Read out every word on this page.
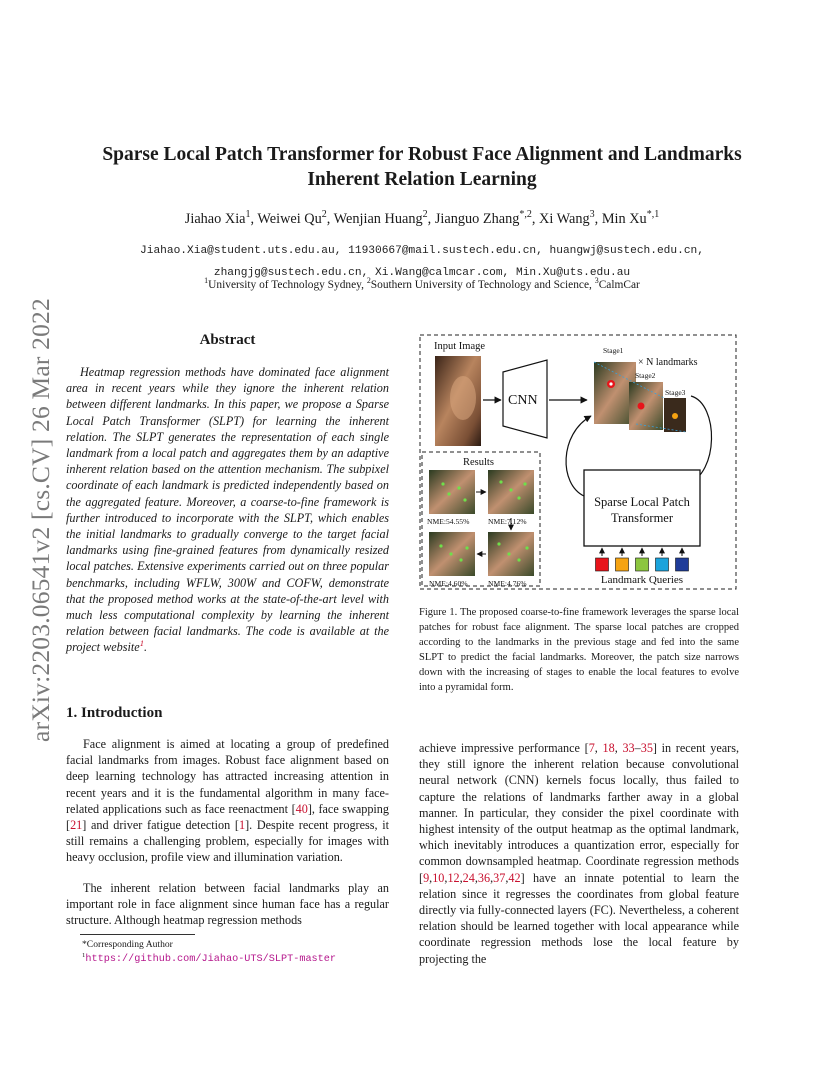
arXiv:2203.06541v2 [cs.CV] 26 Mar 2022
Sparse Local Patch Transformer for Robust Face Alignment and Landmarks
Inherent Relation Learning
Jiahao Xia$^1$, Weiwei Qu$^2$, Wenjian Huang$^2$, Jianguo Zhang$^{*,2}$, Xi Wang$^3$, Min $Xu^{*,1}$
Jiahao.Xia@student.uts.edu.au, 11930667@mail.sustech.edu.cn, huangwj@sustech.edu.cn,
zhangjg@sustech.edu.cn, Xi.Wang@calmcar.com, Min.Xu@uts.edu.au
$^1$University of Technology Sydney, $^2$Southern University of Technology and Science, $^3$CalmCar
Abstract
Heatmap regression methods have dominated face alignment area in recent years while they ignore the inherent relation between different landmarks. In this paper, we propose a Sparse Local Patch Transformer (SLPT) for learning the inherent relation. The SLPT generates the representation of each single landmark from a local patch and aggregates them by an adaptive inherent relation based on the attention mechanism. The subpixel coordinate of each landmark is predicted independently based on the aggregated feature. Moreover, a coarse-to-fine framework is further introduced to incorporate with the SLPT, which enables the initial landmarks to gradually converge to the target facial landmarks using fine-grained features from dynamically resized local patches. Extensive experiments carried out on three popular benchmarks, including WFLW, 300W and COFW, demonstrate that the proposed method works at the state-of-the-art level with much less computational complexity by learning the inherent relation between facial landmarks. The code is available at the project website$^1$.
1. Introduction
Face alignment is aimed at locating a group of predefined facial landmarks from images. Robust face alignment based on deep learning technology has attracted increasing attention in recent years and it is the fundamental algorithm in many face-related applications such as face reenactment [40], face swapping [21] and driver fatigue detection [1]. Despite recent progress, it still remains a challenging problem, especially for images with heavy occlusion, profile view and illumination variation.
The inherent relation between facial landmarks play an important role in face alignment since human face has a regular structure. Although heatmap regression methods
achieve impressive performance [7, 18, 33–35] in recent years, they still ignore the inherent relation because convolutional neural network (CNN) kernels focus locally, thus failed to capture the relations of landmarks farther away in a global manner. In particular, they consider the pixel coordinate with highest intensity of the output heatmap as the optimal landmark, which inevitably introduces a quantization error, especially for common downsampled heatmap. Coordinate regression methods [9,10,12,24,36,37,42] have an innate potential to learn the relation since it regresses the coordinates from global feature directly via fully-connected layers (FC). Nevertheless, a coherent relation should be learned together with local appearance while coordinate regression methods lose the local feature by projecting the
*Corresponding Author
$^1$https://github.com/Jiahao-UTS/SLPT-master
Input Image
CNN
Stage1
× N landmarks
Stage2
Stage3
Results
NME:54.55% NME:7.12%
NME:4.60%	NME:4.76%
Sparse Local Patch
Transformer
Landmark Queries
Figure 1. The proposed coarse-to-fine framework leverages the sparse local patches for robust face alignment. The sparse local patches are cropped according to the landmarks in the previous stage and fed into the same SLPT to predict the facial landmarks. Moreover, the patch size narrows down with the increasing of stages to enable the local features to evolve into a pyramidal form.
